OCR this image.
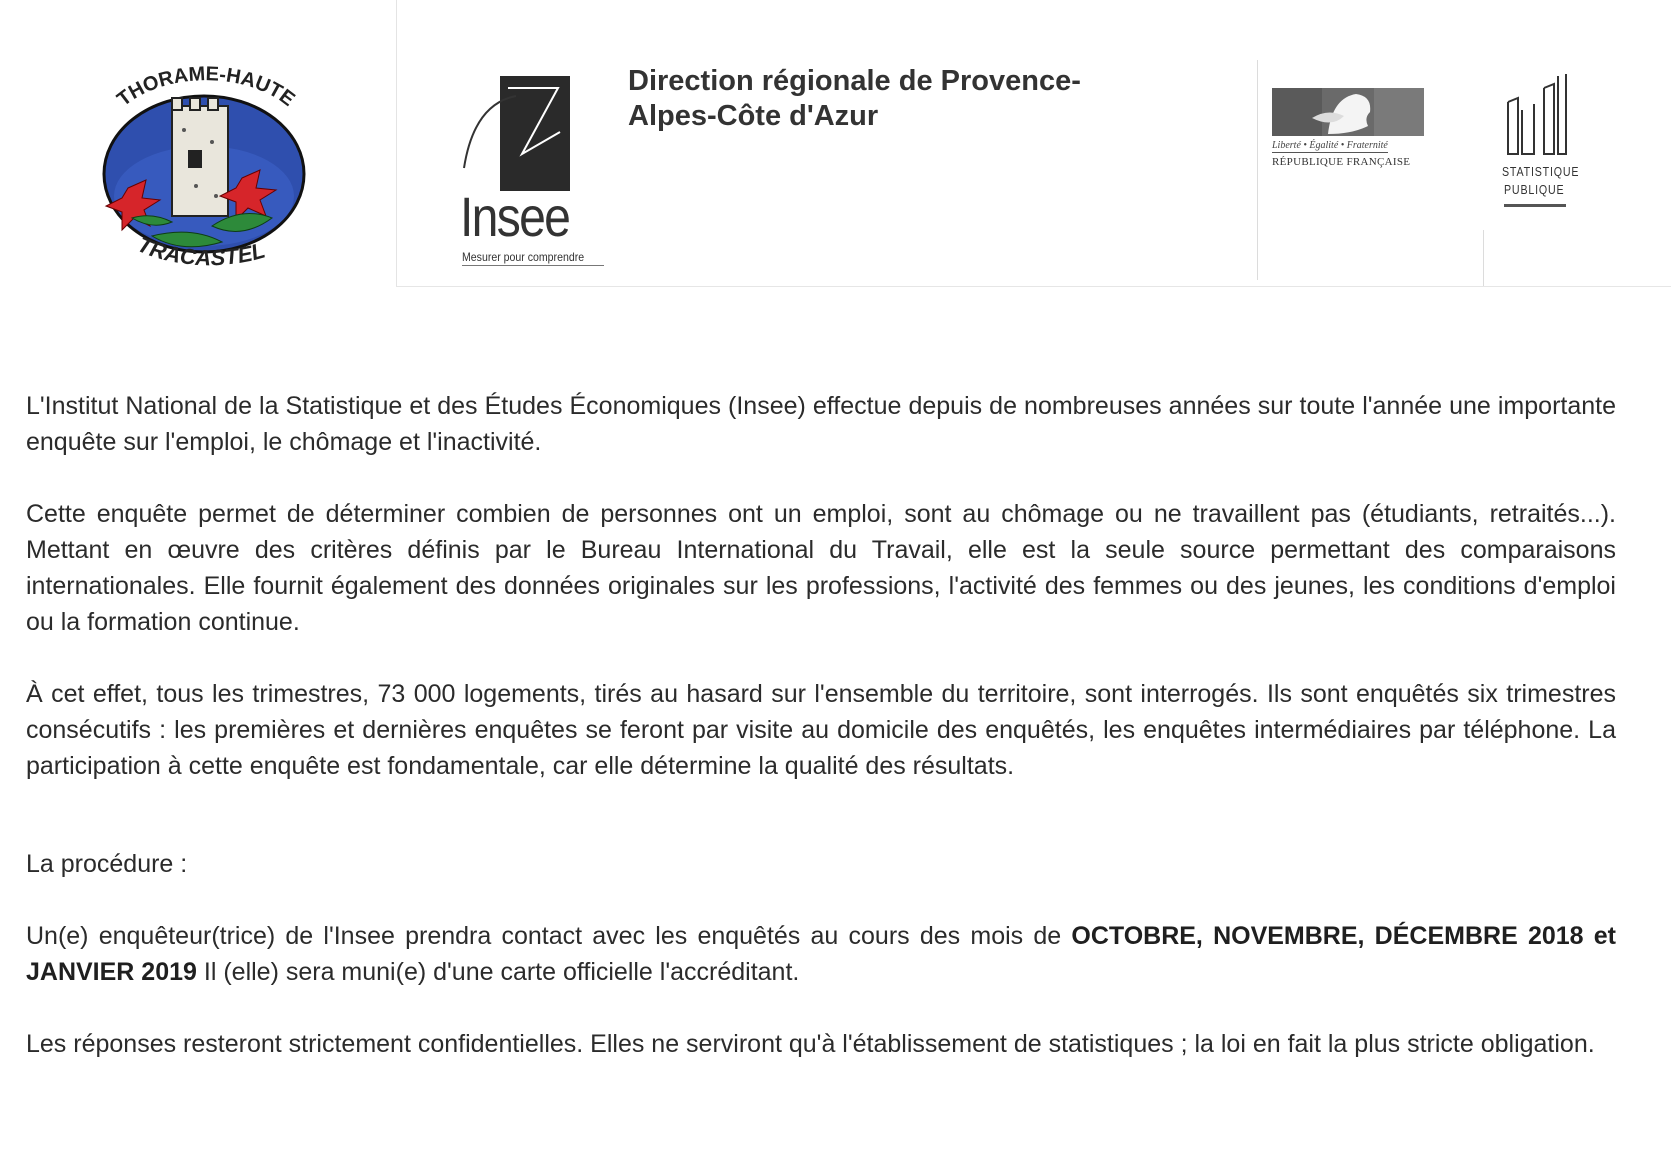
THORAME-HAUTE
TRACASTEL
Insee
Mesurer pour comprendre
Direction régionale de Provence-Alpes-Côte d'Azur
Liberté • Égalité • Fraternité
RÉPUBLIQUE FRANÇAISE
STATISTIQUE
PUBLIQUE

L'Institut National de la Statistique et des Études Économiques (Insee) effectue depuis de nombreuses années sur toute l'année une importante enquête sur l'emploi, le chômage et l'inactivité.

Cette enquête permet de déterminer combien de personnes ont un emploi, sont au chômage ou ne travaillent pas (étudiants, retraités...). Mettant en œuvre des critères définis par le Bureau International du Travail, elle est la seule source permettant des comparaisons internationales. Elle fournit également des données originales sur les professions, l'activité des femmes ou des jeunes, les conditions d'emploi ou la formation continue.

À cet effet, tous les trimestres, 73 000 logements, tirés au hasard sur l'ensemble du territoire, sont interrogés. Ils sont enquêtés six trimestres consécutifs : les premières et dernières enquêtes se feront par visite au domicile des enquêtés, les enquêtes intermédiaires par téléphone. La participation à cette enquête est fondamentale, car elle détermine la qualité des résultats.

La procédure :

Un(e) enquêteur(trice) de l'Insee prendra contact avec les enquêtés au cours des mois de OCTOBRE, NOVEMBRE, DÉCEMBRE 2018 et JANVIER 2019 Il (elle) sera muni(e) d'une carte officielle l'accréditant.

Les réponses resteront strictement confidentielles. Elles ne serviront qu'à l'établissement de statistiques ; la loi en fait la plus stricte obligation.
